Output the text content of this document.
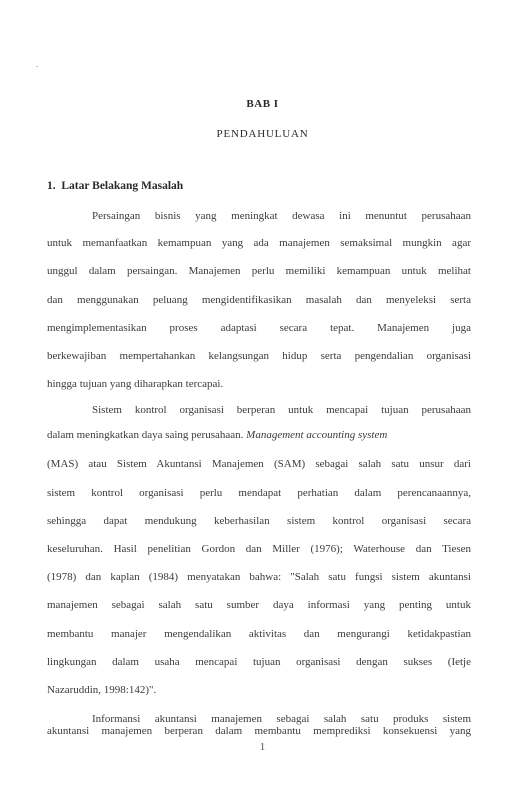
BAB I
PENDAHULUAN
1. Latar Belakang Masalah
Persaingan bisnis yang meningkat dewasa ini menuntut perusahaan
untuk memanfaatkan kemampuan yang ada manajemen semaksimal mungkin agar
unggul dalam persaingan. Manajemen perlu memiliki kemampuan untuk melihat
dan menggunakan peluang mengidentifikasikan masalah dan menyeleksi serta
mengimplementasikan proses adaptasi secara tepat. Manajemen juga
berkewajiban mempertahankan kelangsungan hidup serta pengendalian organisasi
hingga tujuan yang diharapkan tercapai.
Sistem kontrol organisasi berperan untuk mencapai tujuan perusahaan
dalam meningkatkan daya saing perusahaan. Management accounting system
(MAS) atau Sistem Akuntansi Manajemen (SAM) sebagai salah satu unsur dari
sistem kontrol organisasi perlu mendapat perhatian dalam perencanaannya,
sehingga dapat mendukung keberhasilan sistem kontrol organisasi secara
keseluruhan. Hasil penelitian Gordon dan Miller (1976); Waterhouse dan Tiesen
(1978) dan kaplan (1984) menyatakan bahwa: "Salah satu fungsi sistem akuntansi
manajemen sebagai salah satu sumber daya informasi yang penting untuk
membantu manajer mengendalikan aktivitas dan mengurangi ketidakpastian
lingkungan dalam usaha mencapai tujuan organisasi dengan sukses (Ietje
Nazaruddin, 1998:142)".
Informansi akuntansi manajemen sebagai salah satu produks sistem
akuntansi manajemen berperan dalam membantu memprediksi konsekuensi yang
1
